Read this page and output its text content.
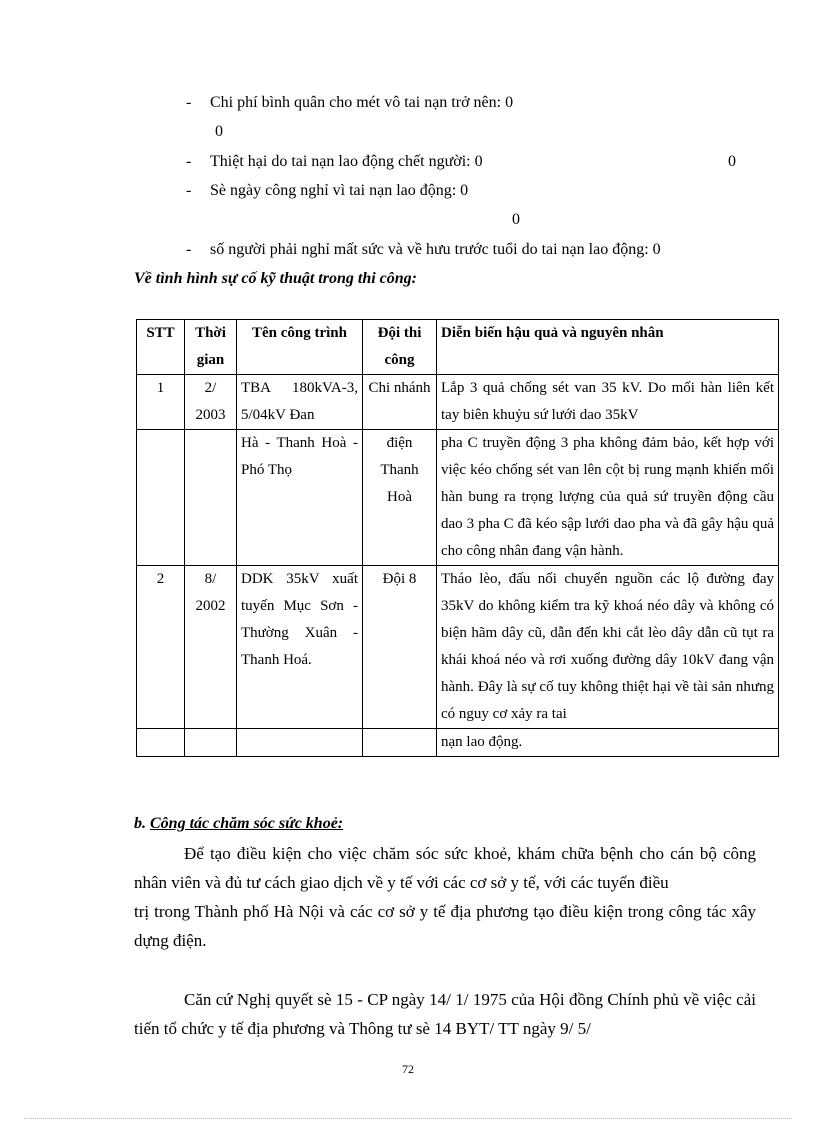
- Chi phí bình quân cho mét vô tai nạn trở nên: 0
0
- Thiệt hại do tai nạn lao động chết người: 0	0
- Sè ngày công nghỉ vì tai nạn lao động: 0
0
- số người phải nghỉ mất sức và về hưu trước tuổi do tai nạn lao động: 0
Về tình hình sự cố kỹ thuật trong thi công:
STT	Thời gian	Tên công trình	Đội thi công	Diễn biến hậu quả và nguyên nhân
1	2/ 2003	TBA 180kVA-3, 5/04kV Đan	Chi nhánh	Lắp 3 quả chống sét van 35 kV. Do mối hàn liên kết tay biên khuỷu sứ lưới dao 35kV
		Hà - Thanh Hoà - Phó Thọ	điện Thanh Hoà	pha C truyền động 3 pha không đảm bảo, kết hợp với việc kéo chống sét van lên cột bị rung mạnh khiến mối hàn bung ra trọng lượng của quả sứ truyền động cầu dao 3 pha C đã kéo sập lưới dao pha và đã gây hậu quả cho công nhân đang vận hành.
2	8/ 2002	DDK 35kV xuất tuyến Mục Sơn - Thường Xuân - Thanh Hoá.	Đội 8	Tháo lèo, đấu nối chuyển nguồn các lộ đường đay 35kV do không kiểm tra kỹ khoá néo dây và không có biện hãm dây cũ, dẫn đến khi cắt lèo dây dẫn cũ tụt ra khái khoá néo và rơi xuống đường dây 10kV đang vận hành. Đây là sự cố tuy không thiệt hại về tài sản nhưng có nguy cơ xảy ra tai
				nạn lao động.
b. Công tác chăm sóc sức khoẻ:

Để tạo điều kiện cho việc chăm sóc sức khoẻ, khám chữa bệnh cho cán bộ công nhân viên và đủ tư cách giao dịch về y tế với các cơ sở y tế, với các tuyến điều

trị trong Thành phố Hà Nội và các cơ sở y tế địa phương tạo điều kiện trong công tác xây dựng điện.

Căn cứ Nghị quyết sè 15 - CP ngày 14/ 1/ 1975 của Hội đồng Chính phủ về việc cải tiến tổ chức y tế địa phương và Thông tư sè 14 BYT/ TT ngày 9/ 5/

72
